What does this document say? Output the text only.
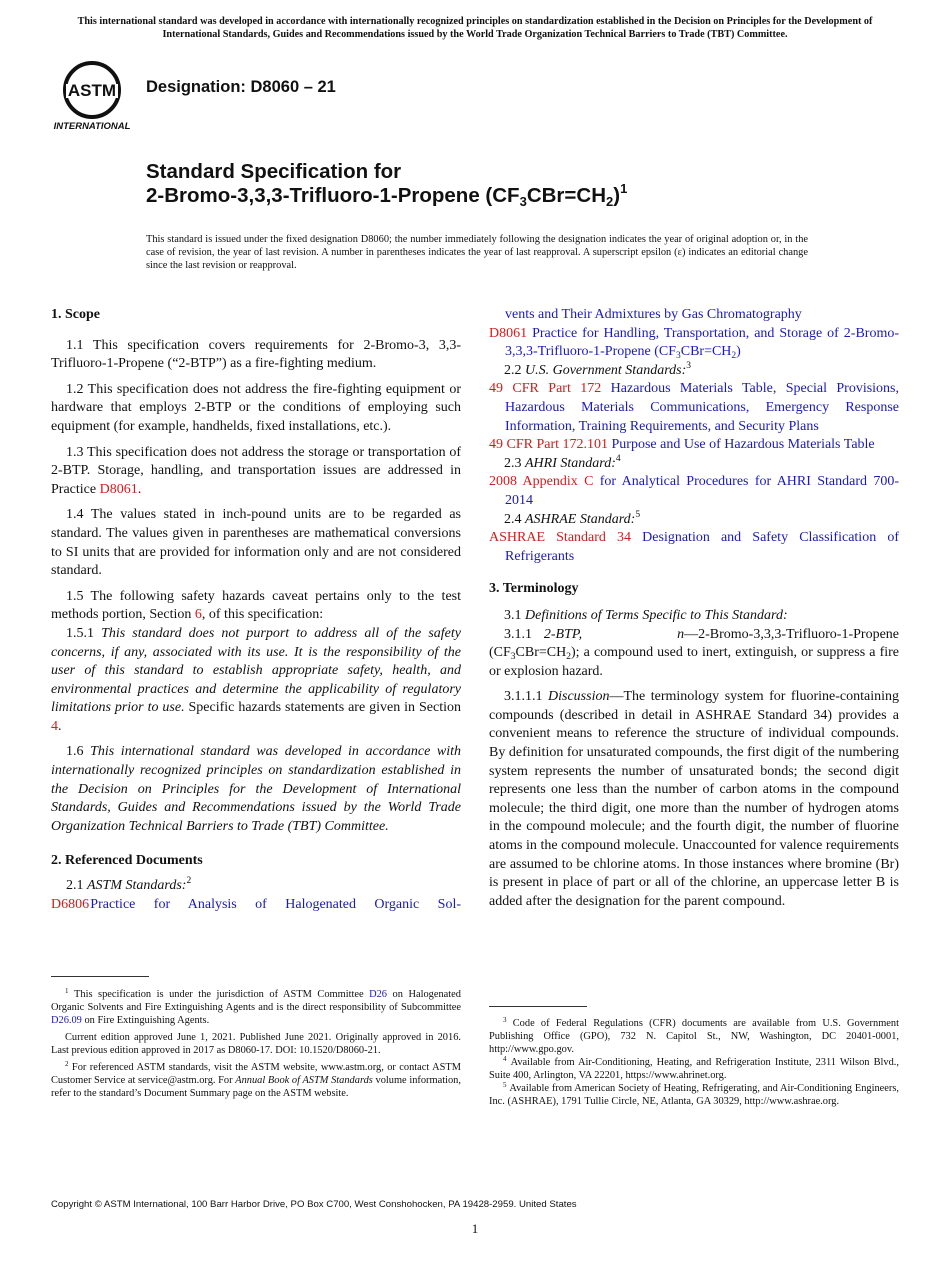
This international standard was developed in accordance with internationally recognized principles on standardization established in the Decision on Principles for the Development of International Standards, Guides and Recommendations issued by the World Trade Organization Technical Barriers to Trade (TBT) Committee.
ASTM
INTERNATIONAL
Designation: D8060 – 21
Standard Specification for
2-Bromo-3,3,3-Trifluoro-1-Propene $(CF_3CBr=CH_2)^1$
This standard is issued under the fixed designation D8060; the number immediately following the designation indicates the year of original adoption or, in the case of revision, the year of last revision. A number in parentheses indicates the year of last reapproval. A superscript epsilon (ε) indicates an editorial change since the last revision or reapproval.

1. Scope

1.1 This specification covers requirements for 2-Bromo-3, 3,3-Trifluoro-1-Propene (“2-BTP”) as a fire-fighting medium.

1.2 This specification does not address the fire-fighting equipment or hardware that employs 2-BTP or the conditions of employing such equipment (for example, handhelds, fixed installations, etc.).

1.3 This specification does not address the storage or transportation of 2-BTP. Storage, handling, and transportation issues are addressed in Practice D8061.

1.4 The values stated in inch-pound units are to be regarded as standard. The values given in parentheses are mathematical conversions to SI units that are provided for information only and are not considered standard.

1.5 The following safety hazards caveat pertains only to the test methods portion, Section 6, of this specification:

1.5.1 This standard does not purport to address all of the safety concerns, if any, associated with its use. It is the responsibility of the user of this standard to establish appropriate safety, health, and environmental practices and determine the applicability of regulatory limitations prior to use. Specific hazards statements are given in Section 4.

1.6 This international standard was developed in accordance with internationally recognized principles on standardization established in the Decision on Principles for the Development of International Standards, Guides and Recommendations issued by the World Trade Organization Technical Barriers to Trade (TBT) Committee.

2. Referenced Documents

2.1 ASTM Standards:$^2$

D6806 Practice for Analysis of Halogenated Organic Sol-

$^1$ This specification is under the jurisdiction of ASTM Committee D26 on Halogenated Organic Solvents and Fire Extinguishing Agents and is the direct responsibility of Subcommittee D26.09 on Fire Extinguishing Agents.

Current edition approved June 1, 2021. Published June 2021. Originally approved in 2016. Last previous edition approved in 2017 as D8060-17. DOI: 10.1520/D8060-21.

$^2$ For referenced ASTM standards, visit the ASTM website, www.astm.org, or contact ASTM Customer Service at service@astm.org. For Annual Book of ASTM Standards volume information, refer to the standard’s Document Summary page on the ASTM website.

vents and Their Admixtures by Gas Chromatography

D8061 Practice for Handling, Transportation, and Storage of 2-Bromo-3,3,3-Trifluoro-1-Propene $(CF_3CBr=CH_2)$

2.2 U.S. Government Standards:$^3$

49 CFR Part 172 Hazardous Materials Table, Special Provisions, Hazardous Materials Communications, Emergency Response Information, Training Requirements, and Security Plans

49 CFR Part 172.101 Purpose and Use of Hazardous Materials Table

2.3 AHRI Standard:$^4$

2008 Appendix C for Analytical Procedures for AHRI Standard 700-2014

2.4 ASHRAE Standard:$^5$

ASHRAE Standard 34 Designation and Safety Classification of Refrigerants

3. Terminology

3.1 Definitions of Terms Specific to This Standard:

3.1.1 2-BTP,	n—2-Bromo-3,3,3-Trifluoro-1-Propene $(CF_3CBr=CH_2)$; a compound used to inert, extinguish, or suppress a fire or explosion hazard.

3.1.1.1 Discussion—The terminology system for fluorine-containing compounds (described in detail in ASHRAE Standard 34) provides a convenient means to reference the structure of individual compounds. By definition for unsaturated compounds, the first digit of the numbering system represents the number of unsaturated bonds; the second digit represents one less than the number of carbon atoms in the compound molecule; the third digit, one more than the number of hydrogen atoms in the compound molecule; and the fourth digit, the number of fluorine atoms in the compound molecule. Unaccounted for valence requirements are assumed to be chlorine atoms. In those instances where bromine (Br) is present in place of part or all of the chlorine, an uppercase letter B is added after the designation for the parent compound.

$^3$ Code of Federal Regulations (CFR) documents are available from U.S. Government Publishing Office (GPO), 732 N. Capitol St., NW, Washington, DC 20401-0001, http://www.gpo.gov.

$^4$ Available from Air-Conditioning, Heating, and Refrigeration Institute, 2311 Wilson Blvd., Suite 400, Arlington, VA 22201, https://www.ahrinet.org.

$^5$ Available from American Society of Heating, Refrigerating, and Air-Conditioning Engineers, Inc. (ASHRAE), 1791 Tullie Circle, NE, Atlanta, GA 30329, http://www.ashrae.org.

Copyright © ASTM International, 100 Barr Harbor Drive, PO Box C700, West Conshohocken, PA 19428-2959. United States
1
